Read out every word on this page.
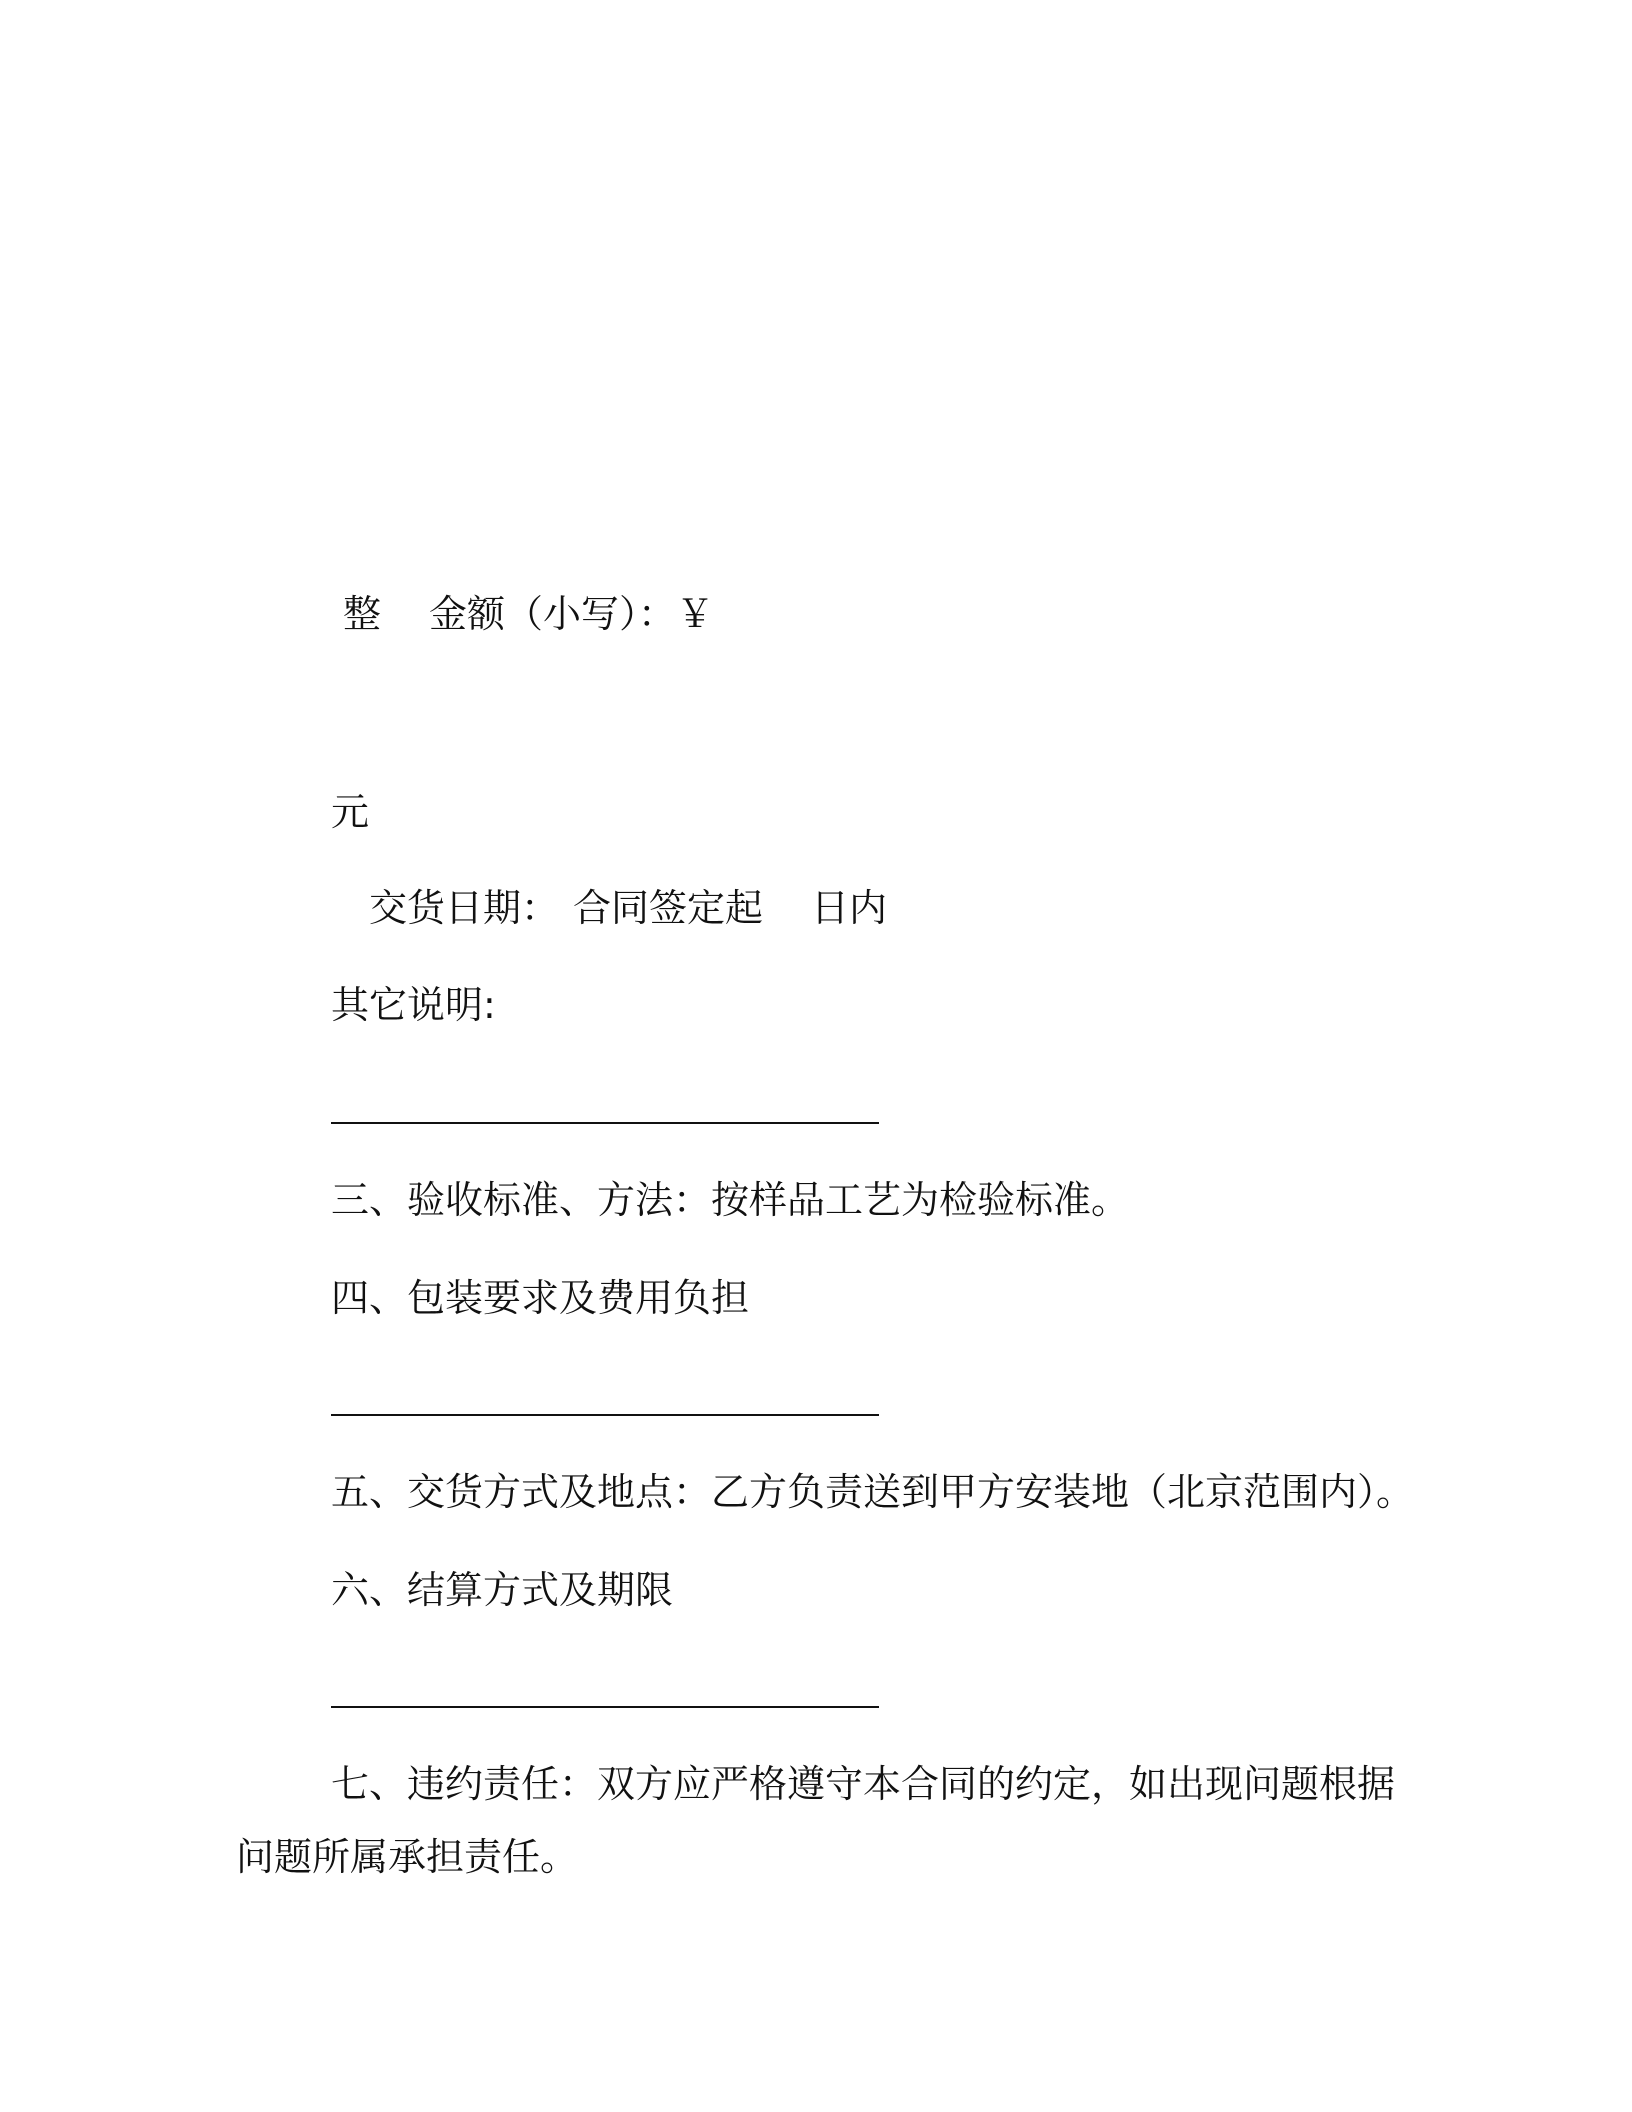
整 金额（小写）：￥
元
交货日期： 合同签定起 日内
其它说明:
三、验收标准、方法：按样品工艺为检验标准。
四、包装要求及费用负担
五、交货方式及地点：乙方负责送到甲方安装地（北京范围内）。
六、结算方式及期限
七、违约责任：双方应严格遵守本合同的约定，如出现问题根据
问题所属承担责任。
